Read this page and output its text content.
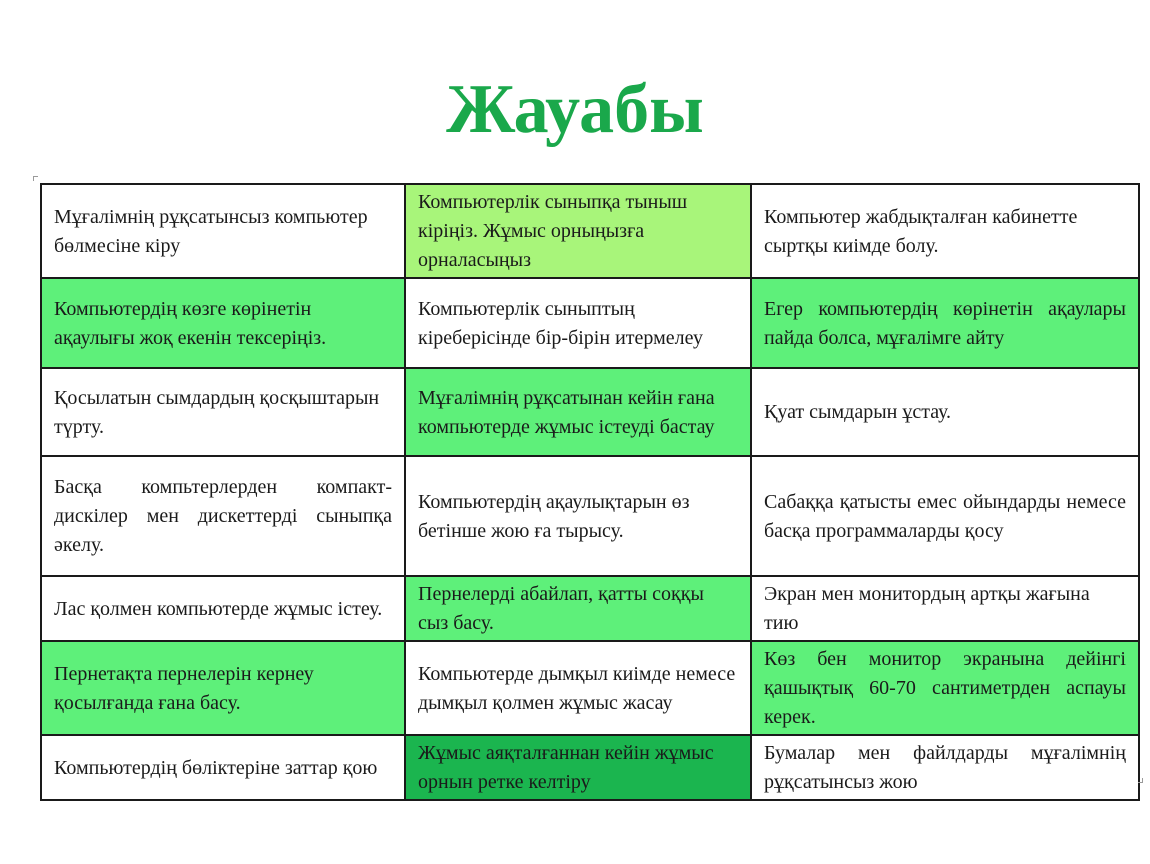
Жауабы
Мұғалімнің рұқсатынсыз компьютер бөлмесіне кіру	Компьютерлік сыныпқа тыныш кіріңіз. Жұмыс орныңызға орналасыңыз	Компьютер жабдықталған кабинетте сыртқы киімде болу.
Компьютердің көзге көрінетін ақаулығы жоқ екенін тексеріңіз.	Компьютерлік сыныптың кіреберісінде бір-бірін итермелеу	Егер компьютердің көрінетін ақаулары пайда болса, мұғалімге айту
Қосылатын сымдардың қосқыштарын түрту.	Мұғалімнің рұқсатынан кейін ғана компьютерде жұмыс істеуді бастау	Қуат сымдарын ұстау.
Басқа компьтерлерден компакт-дискілер мен дискеттерді сыныпқа әкелу.	Компьютердің ақаулықтарын өз бетінше жою ға тырысу.	Сабаққа қатысты емес ойындарды немесе басқа программаларды қосу
Лас қолмен компьютерде жұмыс істеу.	Пернелерді абайлап, қатты соққы сыз басу.	Экран мен монитордың артқы жағына тию
Пернетақта пернелерін кернеу қосылғанда ғана басу.	Компьютерде дымқыл киімде немесе дымқыл қолмен жұмыс жасау	Көз бен монитор экранына дейінгі қашықтық 60-70 сантиметрден аспауы керек.
Компьютердің бөліктеріне заттар қою	Жұмыс аяқталғаннан кейін жұмыс орнын ретке келтіру	Бумалар мен файлдарды мұғалімнің рұқсатынсыз жою
